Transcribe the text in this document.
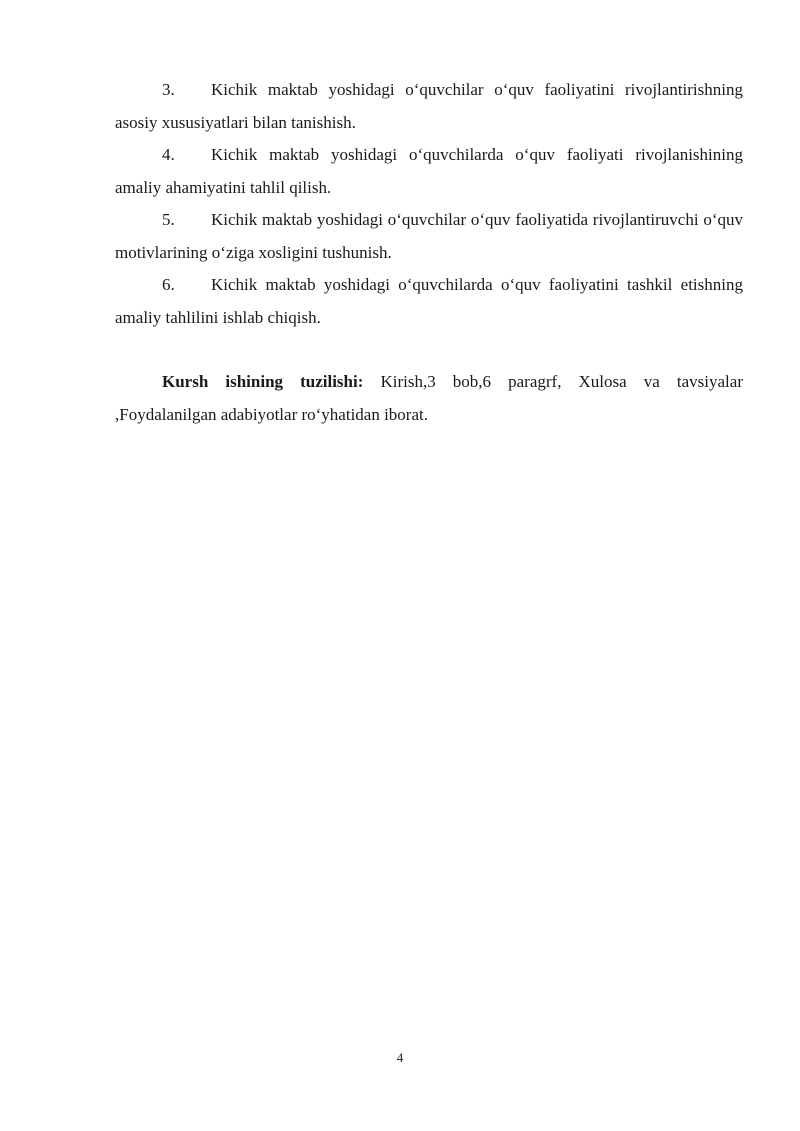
3. Kichik maktab yoshidagi o‘quvchilar o‘quv faoliyatini rivojlantirishning asosiy xususiyatlari bilan tanishish.

4. Kichik maktab yoshidagi o‘quvchilarda o‘quv faoliyati rivojlanishining amaliy ahamiyatini tahlil qilish.

5. Kichik maktab yoshidagi o‘quvchilar o‘quv faoliyatida rivojlantiruvchi o‘quv motivlarining o‘ziga xosligini tushunish.

6. Kichik maktab yoshidagi o‘quvchilarda o‘quv faoliyatini tashkil etishning amaliy tahlilini ishlab chiqish.

Kursh ishining tuzilishi: Kirish,3 bob,6 paragrf, Xulosa va tavsiyalar ,Foydalanilgan adabiyotlar ro‘yhatidan iborat.

4
